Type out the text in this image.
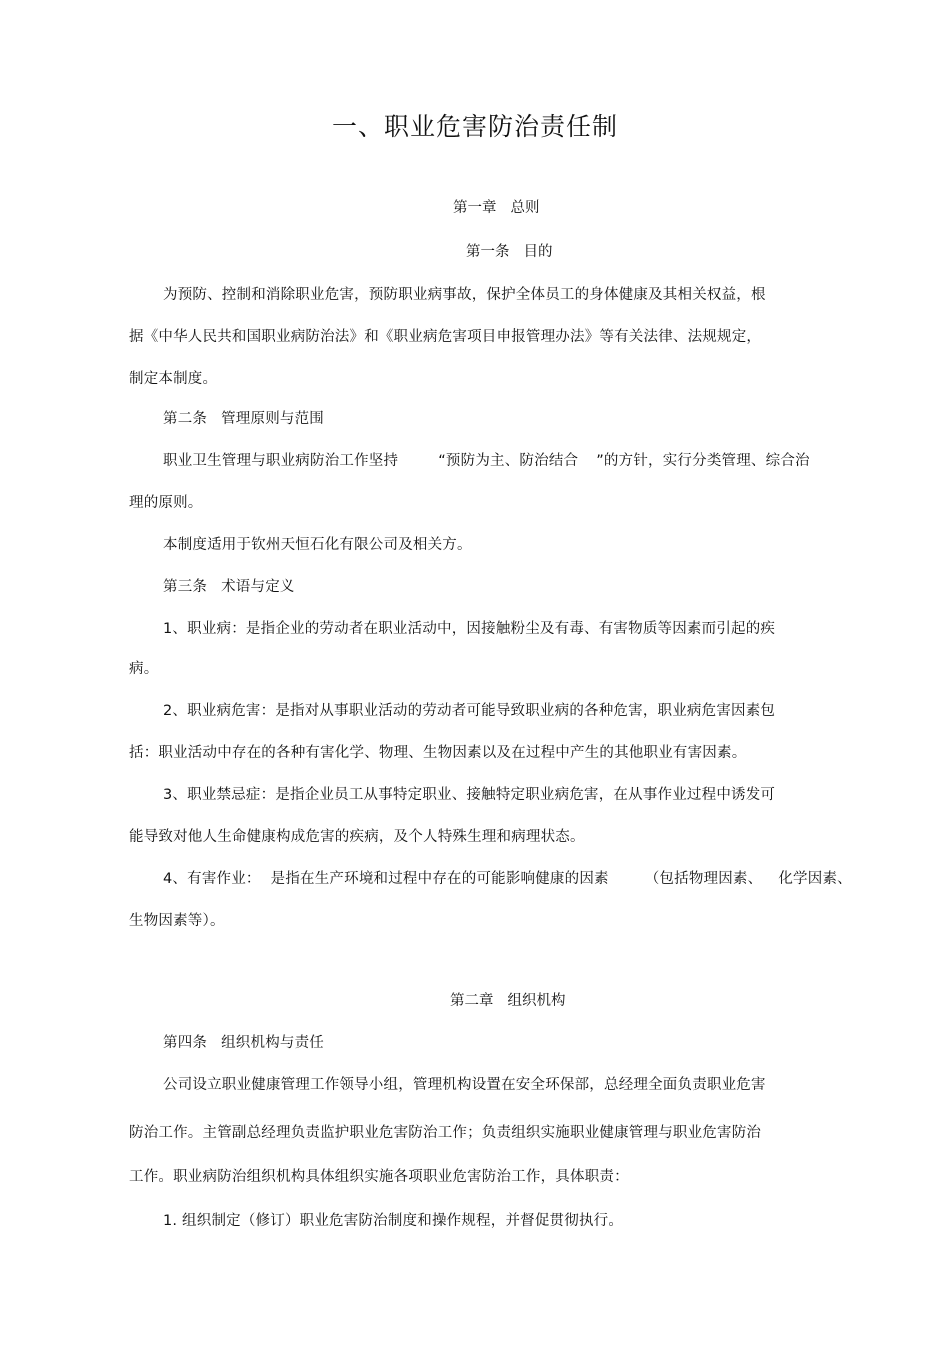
一、职业危害防治责任制
第一章 总则
第一条 目的
为预防、控制和消除职业危害，预防职业病事故，保护全体员工的身体健康及其相关权益，根
据《中华人民共和国职业病防治法》和《职业病危害项目申报管理办法》等有关法律、法规规定，
制定本制度。
第二条 管理原则与范围
职业卫生管理与职业病防治工作坚持	“预防为主、防治结合 ”的方针，实行分类管理、综合治
理的原则。
本制度适用于钦州天恒石化有限公司及相关方。
第三条 术语与定义
1、职业病：是指企业的劳动者在职业活动中，因接触粉尘及有毒、有害物质等因素而引起的疾
病。
2、职业病危害：是指对从事职业活动的劳动者可能导致职业病的各种危害，职业病危害因素包
括：职业活动中存在的各种有害化学、物理、生物因素以及在过程中产生的其他职业有害因素。
3、职业禁忌症：是指企业员工从事特定职业、接触特定职业病危害，在从事作业过程中诱发可
能导致对他人生命健康构成危害的疾病，及个人特殊生理和病理状态。
4、有害作业： 是指在生产环境和过程中存在的可能影响健康的因素 （包括物理因素、 化学因素、
生物因素等）。
第二章 组织机构
第四条 组织机构与责任
公司设立职业健康管理工作领导小组，管理机构设置在安全环保部，总经理全面负责职业危害
防治工作。主管副总经理负责监护职业危害防治工作；负责组织实施职业健康管理与职业危害防治
工作。职业病防治组织机构具体组织实施各项职业危害防治工作，具体职责：
1. 组织制定（修订）职业危害防治制度和操作规程，并督促贯彻执行。
